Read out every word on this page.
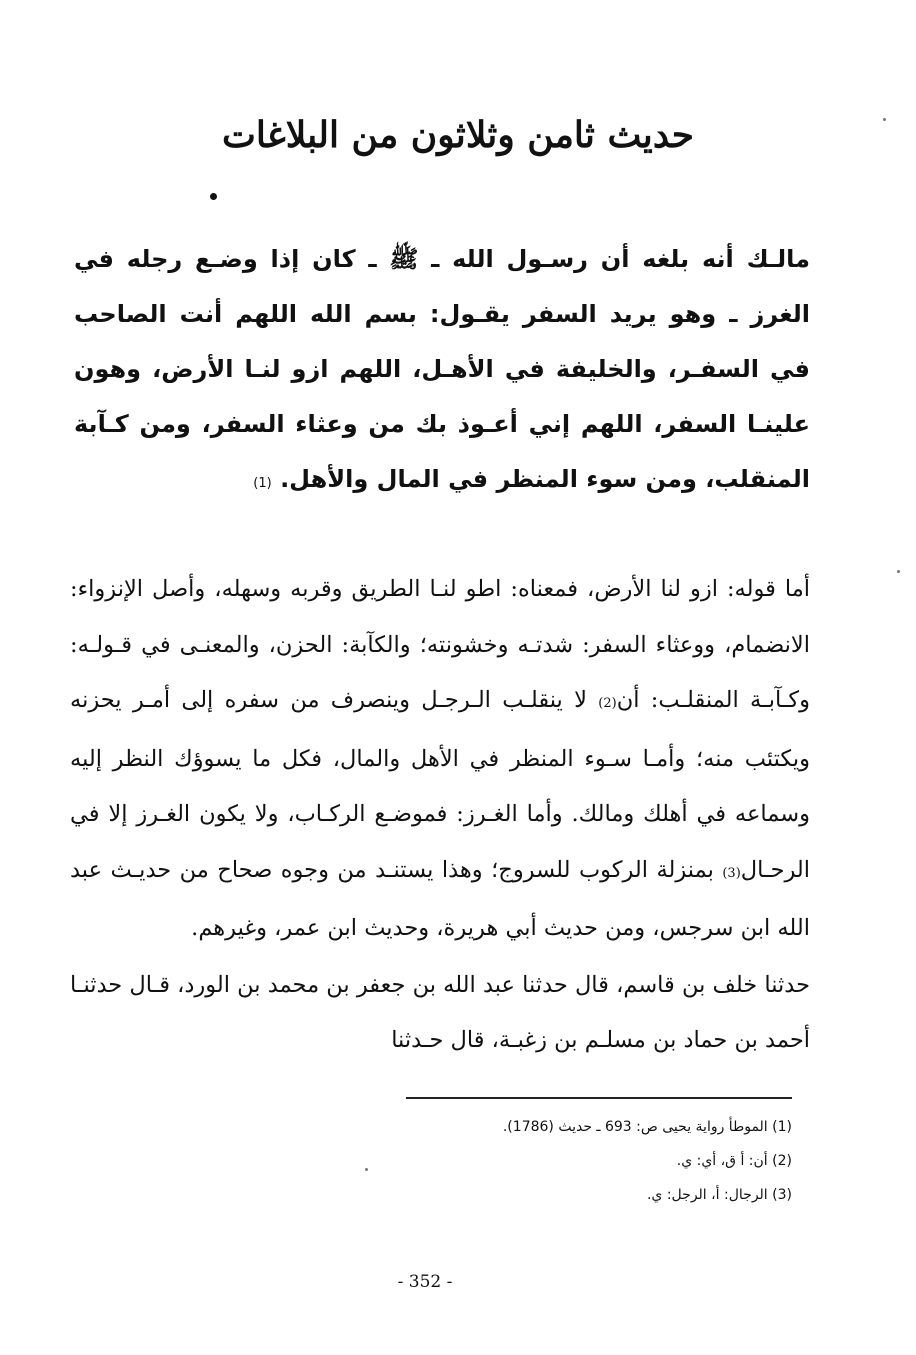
حديث ثامن وثلاثون من البلاغات

مالـك أنه بلغه أن رسـول الله ـ ﷺ ـ كان إذا وضـع رجله في الغرز ـ وهو يريد السفر يقـول: بسم الله اللهم أنت الصاحب في السفـر، والخليفة في الأهـل، اللهم ازو لنـا الأرض، وهون علينـا السفر، اللهم إني أعـوذ بك من وعثاء السفر، ومن كـآبة المنقلب، ومن سوء المنظر في المال والأهل. (1)

أما قوله: ازو لنا الأرض، فمعناه: اطو لنـا الطريق وقربه وسهله، وأصل الإنزواء: الانضمام، ووعثاء السفر: شدتـه وخشونته؛ والكآبة: الحزن، والمعنـى في قـولـه: وكـآبـة المنقلـب: أن(2) لا ينقلـب الـرجـل وينصرف من سفره إلى أمـر يحزنه ويكتئب منه؛ وأمـا سـوء المنظر في الأهل والمال، فكل ما يسوؤك النظر إليه وسماعه في أهلك ومالك. وأما الغـرز: فموضـع الركـاب، ولا يكون الغـرز إلا في الرحـال(3) بمنزلة الركوب للسروج؛ وهذا يستنـد من وجوه صحاح من حديـث عبد الله ابن سرجس، ومن حديث أبي هريرة، وحديث ابن عمر، وغيرهم.

حدثنا خلف بن قاسم، قال حدثنا عبد الله بن جعفر بن محمد بن الورد، قـال حدثنـا أحمد بن حماد بن مسلـم بن زغبـة، قال حـدثنا

(1) الموطأ رواية يحيى ص: 693 ـ حديث (1786).
(2) أن: أ ق، أي: ي.
(3) الرجال: أ، الرجل: ي.
- 352 -
